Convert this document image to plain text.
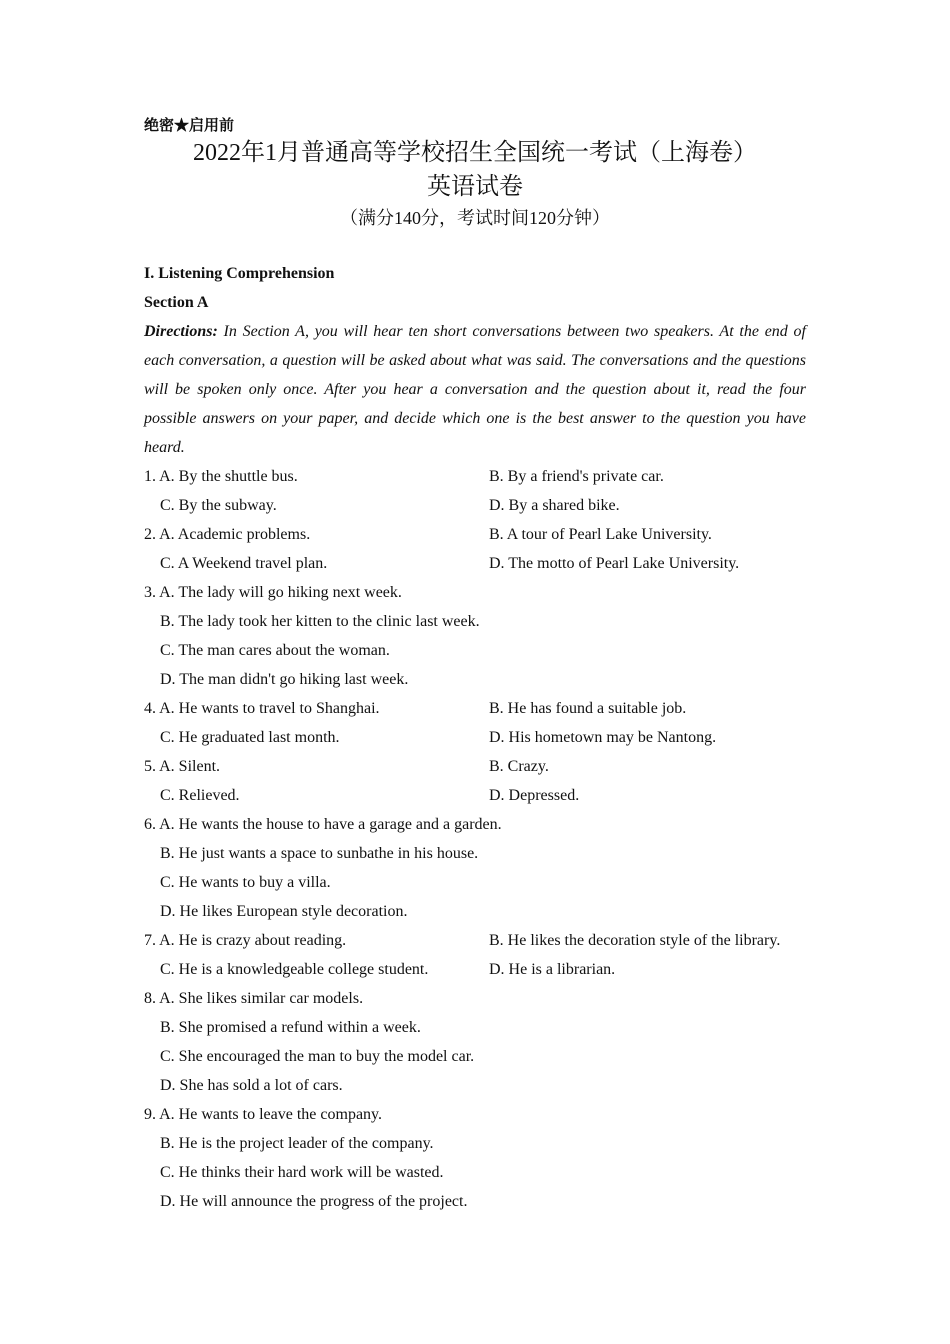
绝密★启用前
2022年1月普通高等学校招生全国统一考试（上海卷）
英语试卷
（满分140分，考试时间120分钟）
I. Listening Comprehension
Section A

Directions: In Section A, you will hear ten short conversations between two speakers. At the end of each conversation, a question will be asked about what was said. The conversations and the questions will be spoken only once. After you hear a conversation and the question about it, read the four possible answers on your paper, and decide which one is the best answer to the question you have heard.

1. A. By the shuttle bus.	B. By a friend's private car.
C. By the subway.	D. By a shared bike.
2. A. Academic problems.	B. A tour of Pearl Lake University.
C. A Weekend travel plan.	D. The motto of Pearl Lake University.
3. A. The lady will go hiking next week.
B. The lady took her kitten to the clinic last week.
C. The man cares about the woman.
D. The man didn't go hiking last week.
4. A. He wants to travel to Shanghai.	B. He has found a suitable job.
C. He graduated last month.	D. His hometown may be Nantong.
5. A. Silent.	B. Crazy.
C. Relieved.	D. Depressed.
6. A. He wants the house to have a garage and a garden.
B. He just wants a space to sunbathe in his house.
C. He wants to buy a villa.
D. He likes European style decoration.
7. A. He is crazy about reading.	B. He likes the decoration style of the library.
C. He is a knowledgeable college student.	D. He is a librarian.
8. A. She likes similar car models.
B. She promised a refund within a week.
C. She encouraged the man to buy the model car.
D. She has sold a lot of cars.
9. A. He wants to leave the company.
B. He is the project leader of the company.
C. He thinks their hard work will be wasted.
D. He will announce the progress of the project.
